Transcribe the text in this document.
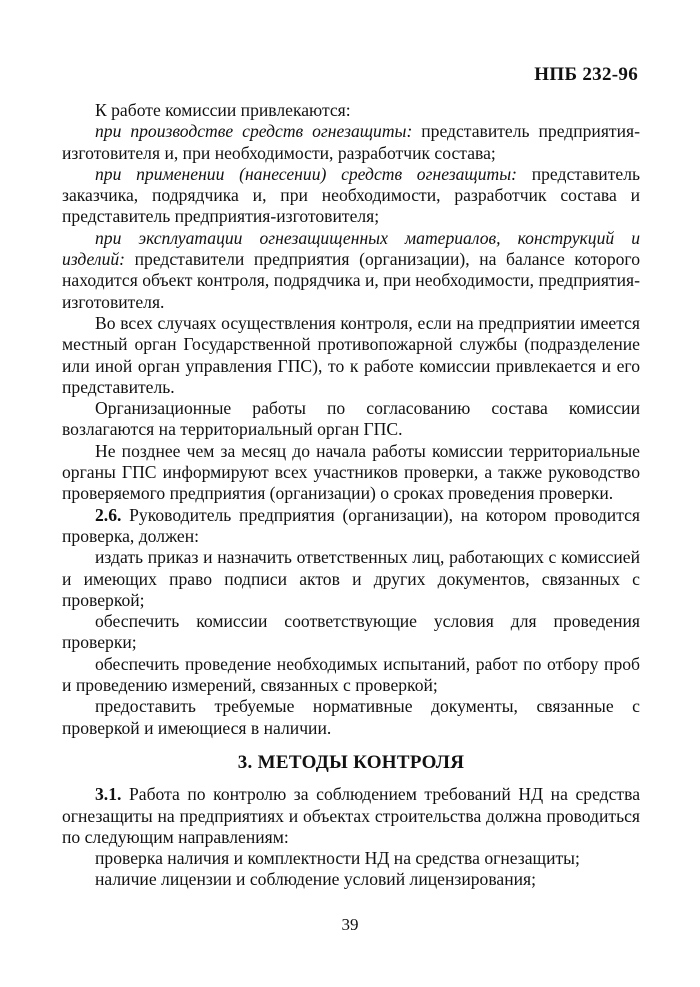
НПБ 232-96

К работе комиссии привлекаются:

при производстве средств огнезащиты: представитель предприятия-изготовителя и, при необходимости, разработчик состава;

при применении (нанесении) средств огнезащиты: представитель заказчика, подрядчика и, при необходимости, разработчик состава и представитель предприятия-изготовителя;

при эксплуатации огнезащищенных материалов, конструкций и изделий: представители предприятия (организации), на балансе которого находится объект контроля, подрядчика и, при необходимости, предприятия-изготовителя.

Во всех случаях осуществления контроля, если на предприятии имеется местный орган Государственной противопожарной службы (подразделение или иной орган управления ГПС), то к работе комиссии привлекается и его представитель.

Организационные работы по согласованию состава комиссии возлагаются на территориальный орган ГПС.

Не позднее чем за месяц до начала работы комиссии территориальные органы ГПС информируют всех участников проверки, а также руководство проверяемого предприятия (организации) о сроках проведения проверки.

2.6. Руководитель предприятия (организации), на котором проводится проверка, должен:

издать приказ и назначить ответственных лиц, работающих с комиссией и имеющих право подписи актов и других документов, связанных с проверкой;

обеспечить комиссии соответствующие условия для проведения проверки;

обеспечить проведение необходимых испытаний, работ по отбору проб и проведению измерений, связанных с проверкой;

предоставить требуемые нормативные документы, связанные с проверкой и имеющиеся в наличии.

3. МЕТОДЫ КОНТРОЛЯ

3.1. Работа по контролю за соблюдением требований НД на средства огнезащиты на предприятиях и объектах строительства должна проводиться по следующим направлениям:

проверка наличия и комплектности НД на средства огнезащиты;

наличие лицензии и соблюдение условий лицензирования;

39
